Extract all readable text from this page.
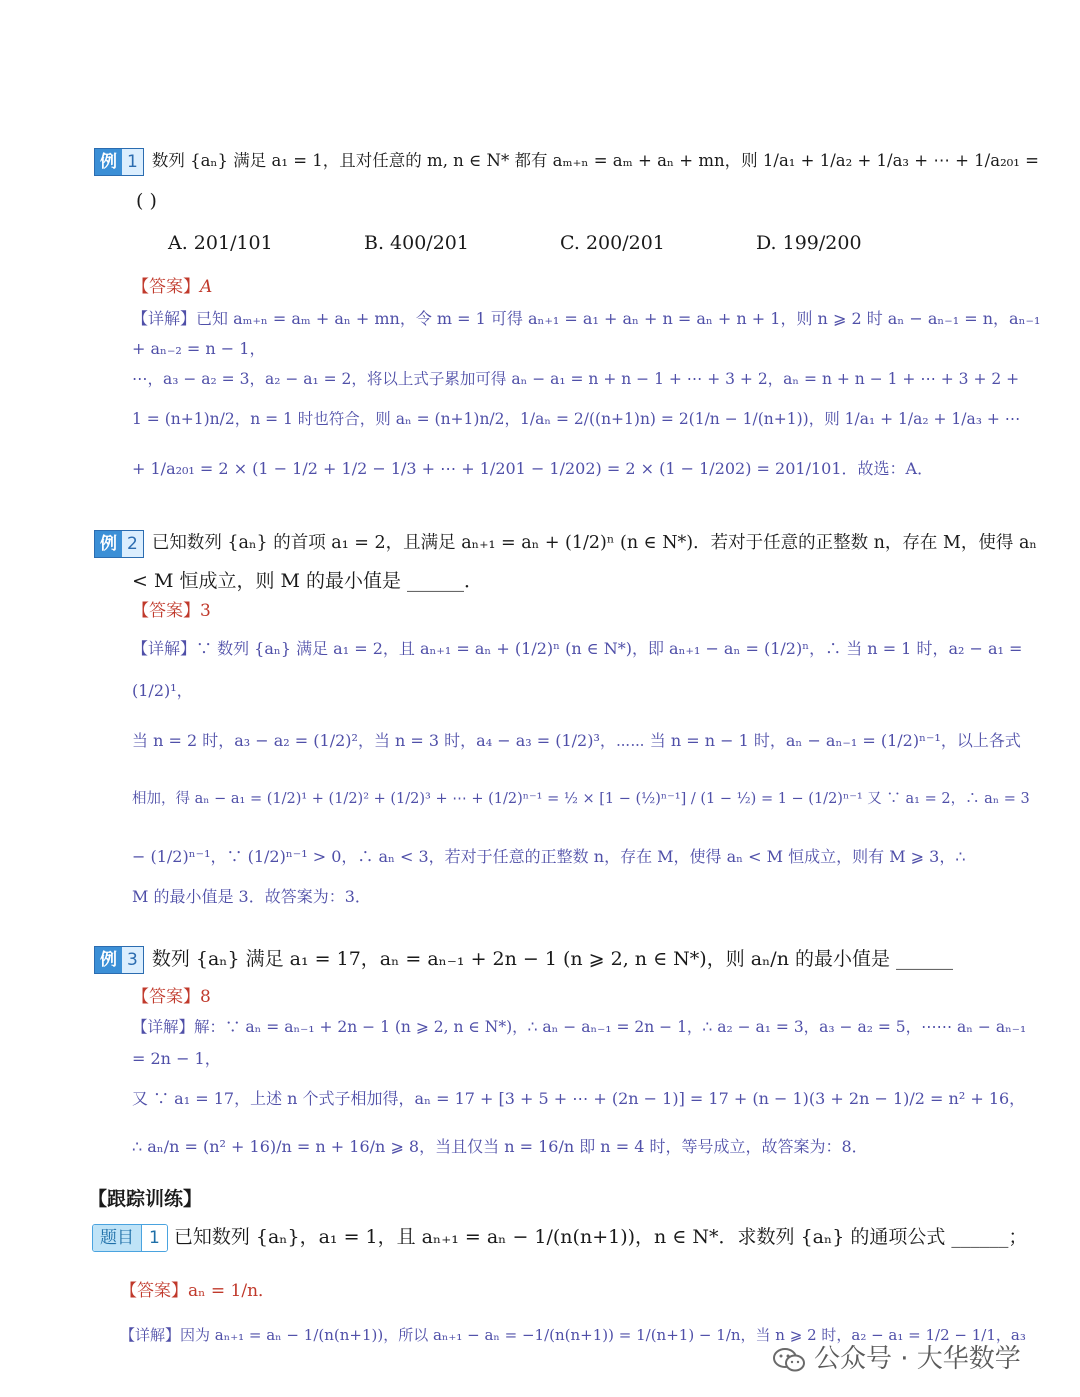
例 1 数列 {aₙ} 满足 a₁ = 1，且对任意的 m, n ∈ N* 都有 aₘ₊ₙ = aₘ + aₙ + mn，则 1/a₁ + 1/a₂ + 1/a₃ + ⋯ + 1/a₂₀₁ =
( )
A. 201/101	B. 400/201	C. 200/201	D. 199/200
【答案】A
【详解】已知 aₘ₊ₙ = aₘ + aₙ + mn，令 m = 1 可得 aₙ₊₁ = a₁ + aₙ + n = aₙ + n + 1，则 n ⩾ 2 时 aₙ − aₙ₋₁ = n，aₙ₋₁
+ aₙ₋₂ = n − 1，
⋯，a₃ − a₂ = 3，a₂ − a₁ = 2，将以上式子累加可得 aₙ − a₁ = n + n − 1 + ⋯ + 3 + 2，aₙ = n + n − 1 + ⋯ + 3 + 2 +
1 = (n+1)n/2，n = 1 时也符合，则 aₙ = (n+1)n/2，1/aₙ = 2/((n+1)n) = 2(1/n − 1/(n+1))，则 1/a₁ + 1/a₂ + 1/a₃ + ⋯
+ 1/a₂₀₁ = 2 × (1 − 1/2 + 1/2 − 1/3 + ⋯ + 1/201 − 1/202) = 2 × (1 − 1/202) = 201/101．故选：A．
例 2 已知数列 {aₙ} 的首项 a₁ = 2，且满足 aₙ₊₁ = aₙ + (1/2)ⁿ (n ∈ N*)．若对于任意的正整数 n，存在 M，使得 aₙ
< M 恒成立，则 M 的最小值是 ______．
【答案】3
【详解】∵ 数列 {aₙ} 满足 a₁ = 2，且 aₙ₊₁ = aₙ + (1/2)ⁿ (n ∈ N*)，即 aₙ₊₁ − aₙ = (1/2)ⁿ，∴ 当 n = 1 时，a₂ − a₁ =
(1/2)¹，
当 n = 2 时，a₃ − a₂ = (1/2)²，当 n = 3 时，a₄ − a₃ = (1/2)³，⋯⋯ 当 n = n − 1 时，aₙ − aₙ₋₁ = (1/2)ⁿ⁻¹，以上各式
相加，得 aₙ − a₁ = (1/2)¹ + (1/2)² + (1/2)³ + ⋯ + (1/2)ⁿ⁻¹ = ½ × [1 − (½)ⁿ⁻¹] / (1 − ½) = 1 − (1/2)ⁿ⁻¹ 又 ∵ a₁ = 2，∴ aₙ = 3
− (1/2)ⁿ⁻¹，∵ (1/2)ⁿ⁻¹ > 0，∴ aₙ < 3，若对于任意的正整数 n，存在 M，使得 aₙ < M 恒成立，则有 M ⩾ 3，∴
M 的最小值是 3．故答案为：3．
例 3 数列 {aₙ} 满足 a₁ = 17，aₙ = aₙ₋₁ + 2n − 1 (n ⩾ 2, n ∈ N*)，则 aₙ/n 的最小值是 ______
【答案】8
【详解】解：∵ aₙ = aₙ₋₁ + 2n − 1 (n ⩾ 2, n ∈ N*)，∴ aₙ − aₙ₋₁ = 2n − 1，∴ a₂ − a₁ = 3，a₃ − a₂ = 5，⋯⋯ aₙ − aₙ₋₁
= 2n − 1，
又 ∵ a₁ = 17，上述 n 个式子相加得，aₙ = 17 + [3 + 5 + ⋯ + (2n − 1)] = 17 + (n − 1)(3 + 2n − 1)/2 = n² + 16，
∴ aₙ/n = (n² + 16)/n = n + 16/n ⩾ 8，当且仅当 n = 16/n 即 n = 4 时，等号成立，故答案为：8．
【跟踪训练】
题目 1 已知数列 {aₙ}，a₁ = 1，且 aₙ₊₁ = aₙ − 1/(n(n+1))，n ∈ N*．求数列 {aₙ} 的通项公式 ______；
【答案】aₙ = 1/n．
【详解】因为 aₙ₊₁ = aₙ − 1/(n(n+1))，所以 aₙ₊₁ − aₙ = −1/(n(n+1)) = 1/(n+1) − 1/n，当 n ⩾ 2 时，a₂ − a₁ = 1/2 − 1/1，a₃
公众号 · 大华数学
